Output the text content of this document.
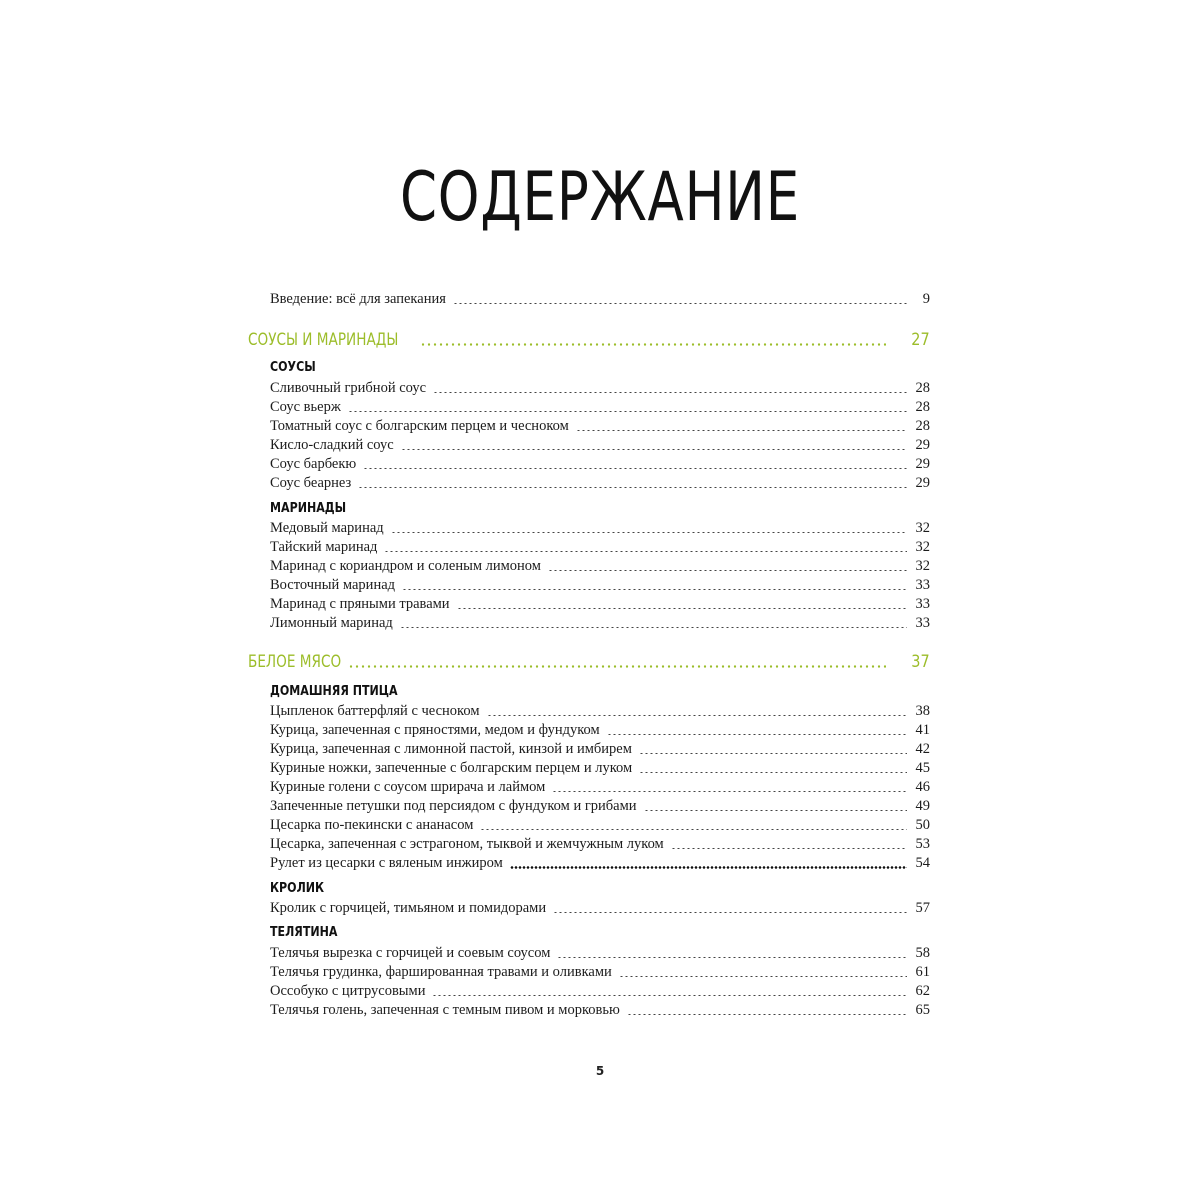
СОДЕРЖАНИЕ
Введение: всё для запекания	9
СОУСЫ И МАРИНАДЫ	27
СОУСЫ
Сливочный грибной соус	28
Соус вьерж	28
Томатный соус с болгарским перцем и чесноком	28
Кисло-сладкий соус	29
Соус барбекю	29
Соус беарнез	29
МАРИНАДЫ
Медовый маринад	32
Тайский маринад	32
Маринад с кориандром и соленым лимоном	32
Восточный маринад	33
Маринад с пряными травами	33
Лимонный маринад	33
БЕЛОЕ МЯСО	37
ДОМАШНЯЯ ПТИЦА
Цыпленок баттерфляй с чесноком	38
Курица, запеченная с пряностями, медом и фундуком	41
Курица, запеченная с лимонной пастой, кинзой и имбирем	42
Куриные ножки, запеченные с болгарским перцем и луком	45
Куриные голени с соусом шрирача и лаймом	46
Запеченные петушки под персиядом с фундуком и грибами	49
Цесарка по-пекински с ананасом	50
Цесарка, запеченная с эстрагоном, тыквой и жемчужным луком	53
Рулет из цесарки с вяленым инжиром	54
КРОЛИК
Кролик с горчицей, тимьяном и помидорами	57
ТЕЛЯТИНА
Телячья вырезка с горчицей и соевым соусом	58
Телячья грудинка, фаршированная травами и оливками	61
Оссобуко с цитрусовыми	62
Телячья голень, запеченная с темным пивом и морковью	65
5
